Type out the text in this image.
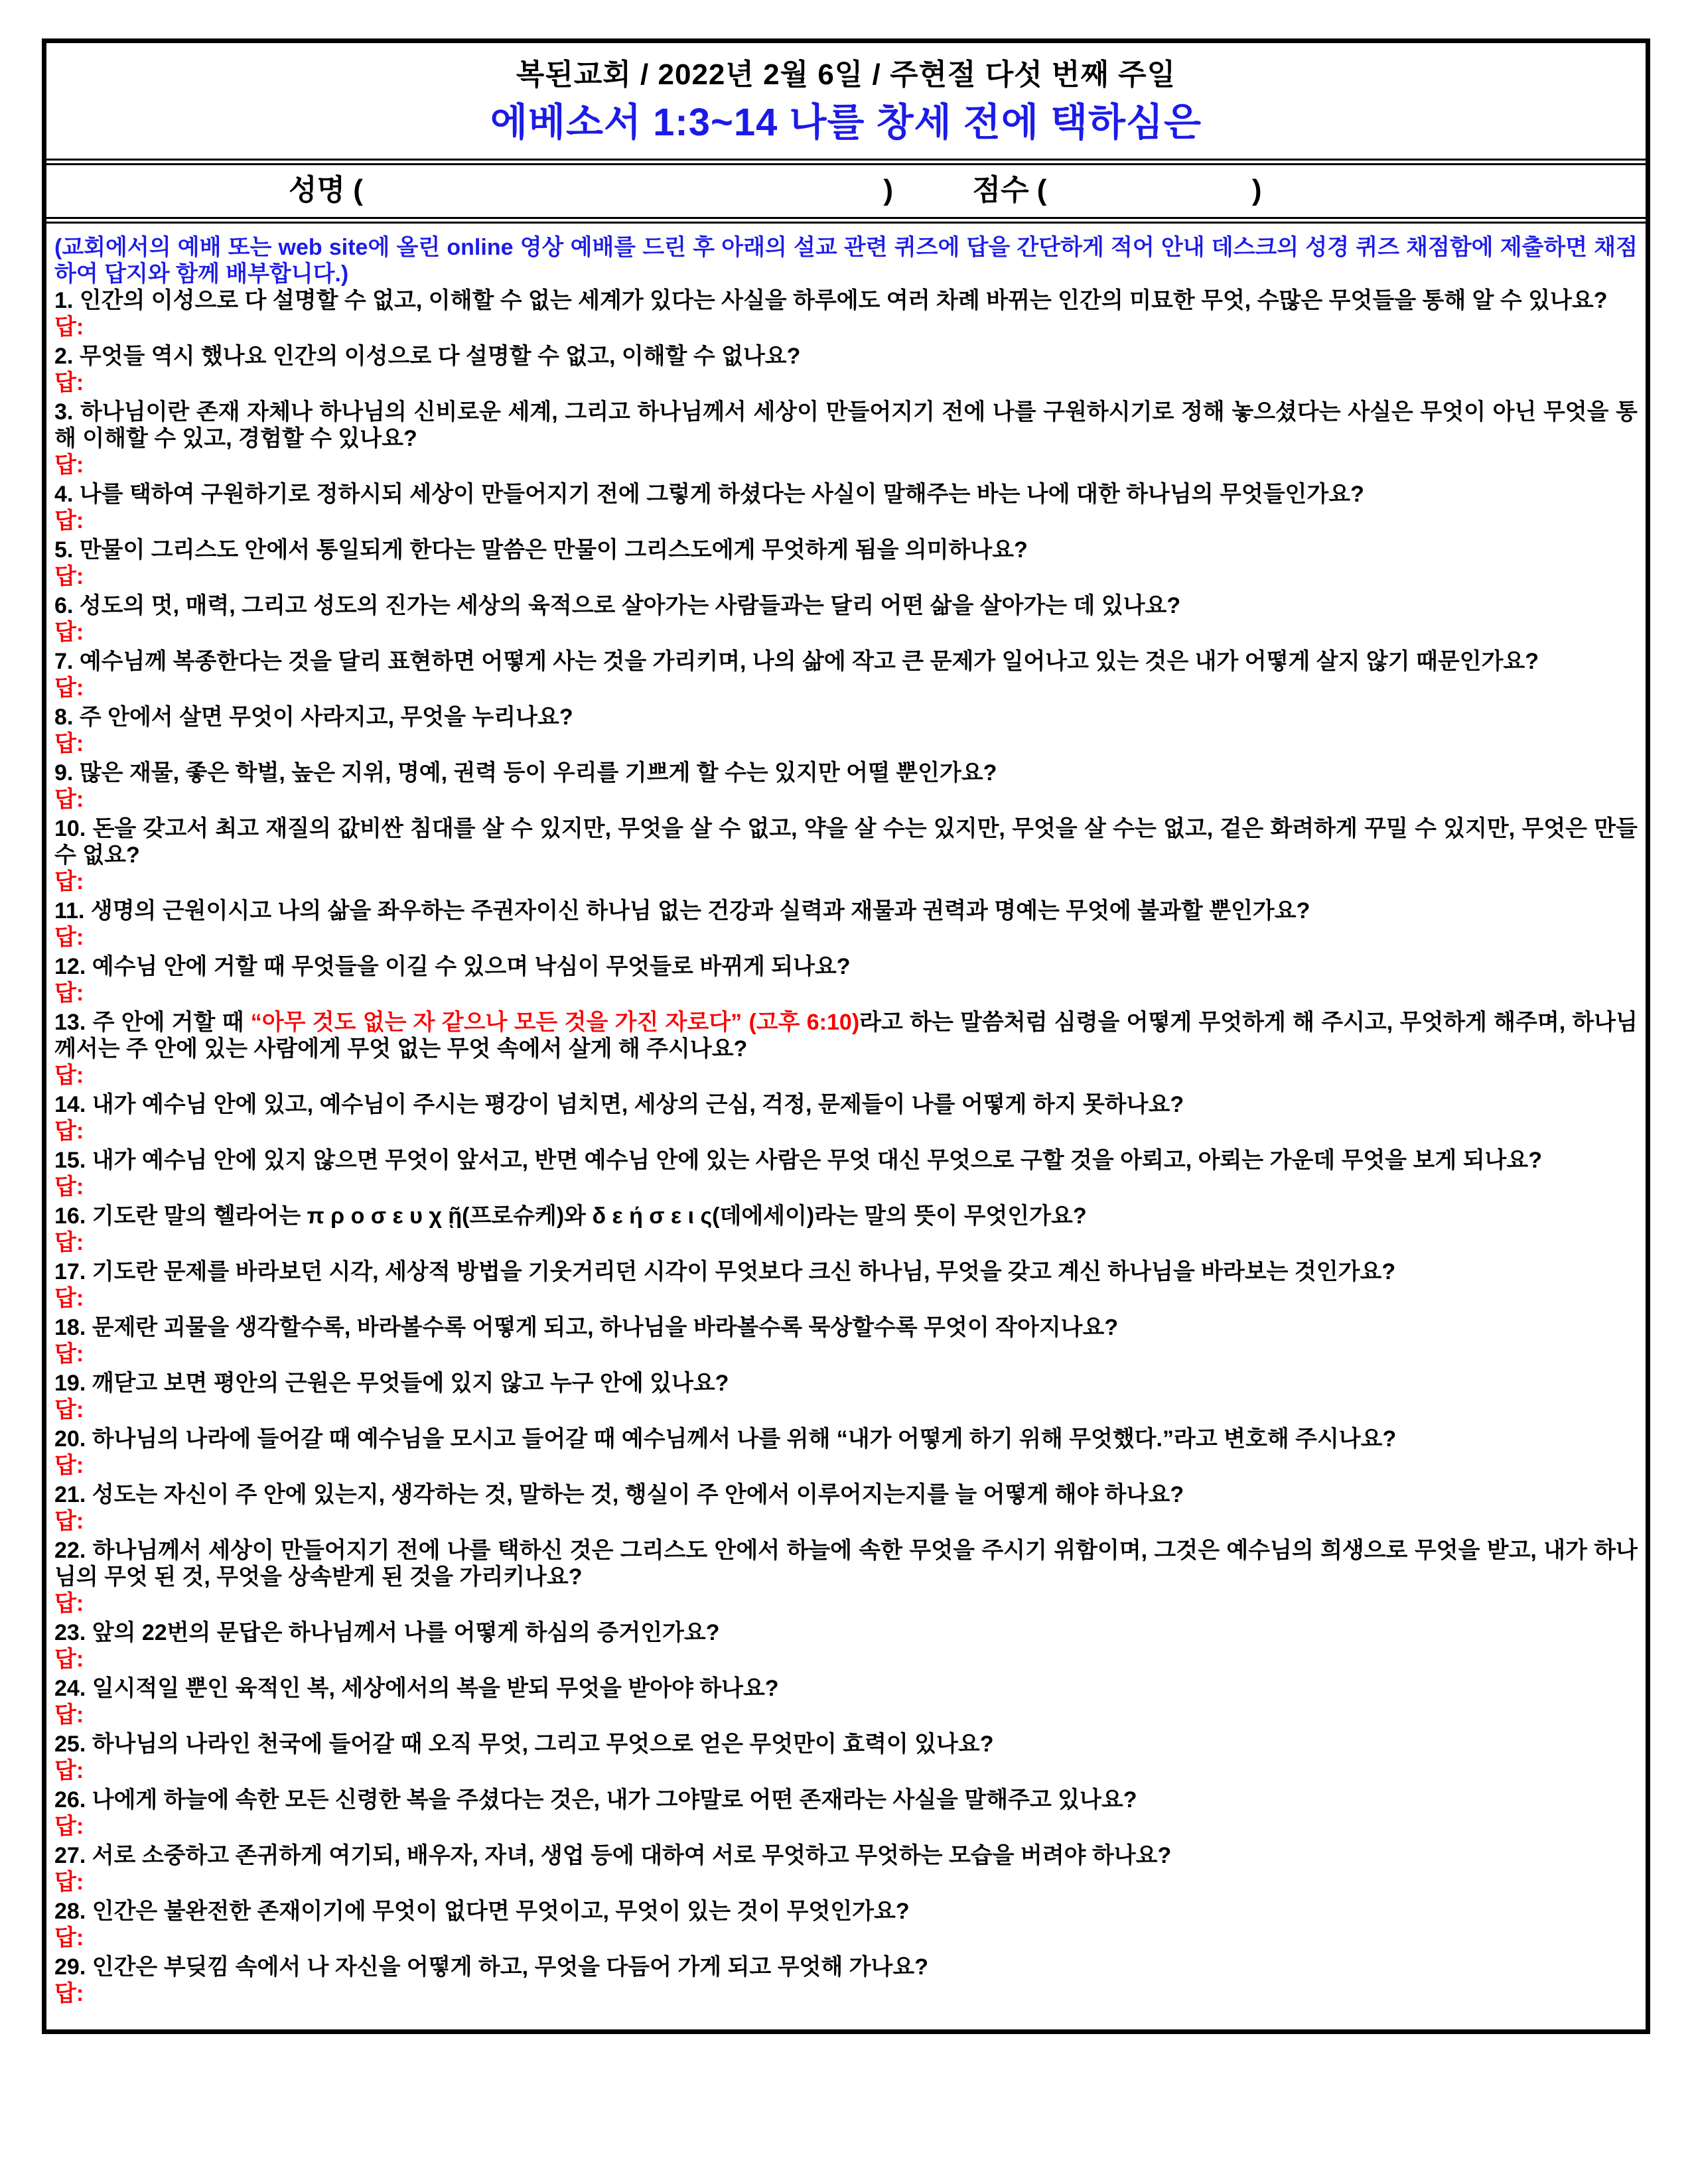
복된교회 / 2022년 2월 6일 / 주현절 다섯 번째 주일
에베소서 1:3~14 나를 창세 전에 택하심은
성명 (	)	점수 (	)

(교회에서의 예배 또는 web site에 올린 online 영상 예배를 드린 후 아래의 설교 관련 퀴즈에 답을 간단하게 적어 안내 데스크의 성경 퀴즈 채점함에 제출하면 채점하여 답지와 함께 배부합니다.)

1. 인간의 이성으로 다 설명할 수 없고, 이해할 수 없는 세계가 있다는 사실을 하루에도 여러 차례 바뀌는 인간의 미묘한 무엇, 수많은 무엇들을 통해 알 수 있나요?
답:
2. 무엇들 역시 했나요 인간의 이성으로 다 설명할 수 없고, 이해할 수 없나요?
답:
3. 하나님이란 존재 자체나 하나님의 신비로운 세계, 그리고 하나님께서 세상이 만들어지기 전에 나를 구원하시기로 정해 놓으셨다는 사실은 무엇이 아닌 무엇을 통해 이해할 수 있고, 경험할 수 있나요?
답:
4. 나를 택하여 구원하기로 정하시되 세상이 만들어지기 전에 그렇게 하셨다는 사실이 말해주는 바는 나에 대한 하나님의 무엇들인가요?
답:
5. 만물이 그리스도 안에서 통일되게 한다는 말씀은 만물이 그리스도에게 무엇하게 됨을 의미하나요?
답:
6. 성도의 멋, 매력, 그리고 성도의 진가는 세상의 육적으로 살아가는 사람들과는 달리 어떤 삶을 살아가는 데 있나요?
답:
7. 예수님께 복종한다는 것을 달리 표현하면 어떻게 사는 것을 가리키며, 나의 삶에 작고 큰 문제가 일어나고 있는 것은 내가 어떻게 살지 않기 때문인가요?
답:
8. 주 안에서 살면 무엇이 사라지고, 무엇을 누리나요?
답:
9. 많은 재물, 좋은 학벌, 높은 지위, 명예, 권력 등이 우리를 기쁘게 할 수는 있지만 어떨 뿐인가요?
답:
10. 돈을 갖고서 최고 재질의 값비싼 침대를 살 수 있지만, 무엇을 살 수 없고, 약을 살 수는 있지만, 무엇을 살 수는 없고, 겉은 화려하게 꾸밀 수 있지만, 무엇은 만들 수 없요?
답:
11. 생명의 근원이시고 나의 삶을 좌우하는 주권자이신 하나님 없는 건강과 실력과 재물과 권력과 명예는 무엇에 불과할 뿐인가요?
답:
12. 예수님 안에 거할 때 무엇들을 이길 수 있으며 낙심이 무엇들로 바뀌게 되나요?
답:
13. 주 안에 거할 때 “아무 것도 없는 자 같으나 모든 것을 가진 자로다” (고후 6:10)라고 하는 말씀처럼 심령을 어떻게 무엇하게 해 주시고, 무엇하게 해주며, 하나님께서는 주 안에 있는 사람에게 무엇 없는 무엇 속에서 살게 해 주시나요?
답:
14. 내가 예수님 안에 있고, 예수님이 주시는 평강이 넘치면, 세상의 근심, 걱정, 문제들이 나를 어떻게 하지 못하나요?
답:
15. 내가 예수님 안에 있지 않으면 무엇이 앞서고, 반면 예수님 안에 있는 사람은 무엇 대신 무엇으로 구할 것을 아뢰고, 아뢰는 가운데 무엇을 보게 되나요?
답:
16. 기도란 말의 헬라어는 π ρ ο σ ε υ χ ῇ(프로슈케)와 δ ε ή σ ε ι ς(데에세이)라는 말의 뜻이 무엇인가요?
답:
17. 기도란 문제를 바라보던 시각, 세상적 방법을 기웃거리던 시각이 무엇보다 크신 하나님, 무엇을 갖고 계신 하나님을 바라보는 것인가요?
답:
18. 문제란 괴물을 생각할수록, 바라볼수록 어떻게 되고, 하나님을 바라볼수록 묵상할수록 무엇이 작아지나요?
답:
19. 깨닫고 보면 평안의 근원은 무엇들에 있지 않고 누구 안에 있나요?
답:
20. 하나님의 나라에 들어갈 때 예수님을 모시고 들어갈 때 예수님께서 나를 위해 “내가 어떻게 하기 위해 무엇했다.”라고 변호해 주시나요?
답:
21. 성도는 자신이 주 안에 있는지, 생각하는 것, 말하는 것, 행실이 주 안에서 이루어지는지를 늘 어떻게 해야 하나요?
답:
22. 하나님께서 세상이 만들어지기 전에 나를 택하신 것은 그리스도 안에서 하늘에 속한 무엇을 주시기 위함이며, 그것은 예수님의 희생으로 무엇을 받고, 내가 하나님의 무엇 된 것, 무엇을 상속받게 된 것을 가리키나요?
답:
23. 앞의 22번의 문답은 하나님께서 나를 어떻게 하심의 증거인가요?
답:
24. 일시적일 뿐인 육적인 복, 세상에서의 복을 받되 무엇을 받아야 하나요?
답:
25. 하나님의 나라인 천국에 들어갈 때 오직 무엇, 그리고 무엇으로 얻은 무엇만이 효력이 있나요?
답:
26. 나에게 하늘에 속한 모든 신령한 복을 주셨다는 것은, 내가 그야말로 어떤 존재라는 사실을 말해주고 있나요?
답:
27. 서로 소중하고 존귀하게 여기되, 배우자, 자녀, 생업 등에 대하여 서로 무엇하고 무엇하는 모습을 버려야 하나요?
답:
28. 인간은 불완전한 존재이기에 무엇이 없다면 무엇이고, 무엇이 있는 것이 무엇인가요?
답:
29. 인간은 부딪낌 속에서 나 자신을 어떻게 하고, 무엇을 다듬어 가게 되고 무엇해 가나요?
답:
